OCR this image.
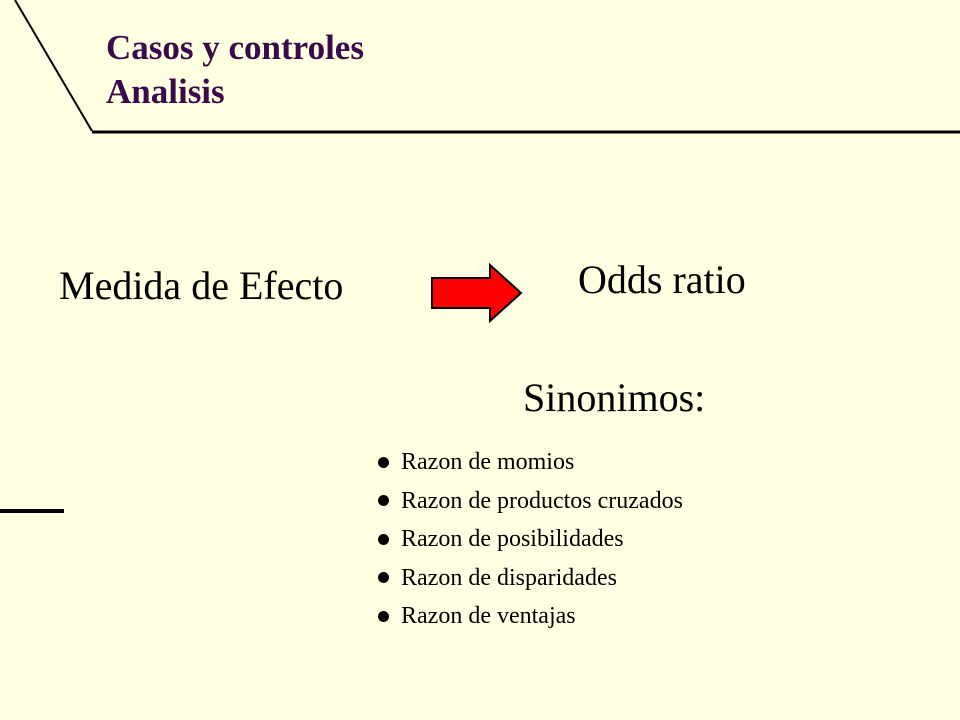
Casos y controles
Analisis
Medida de Efecto	Odds ratio
Sinonimos:
Razon de momios
Razon de productos cruzados
Razon de posibilidades
Razon de disparidades
Razon de ventajas
